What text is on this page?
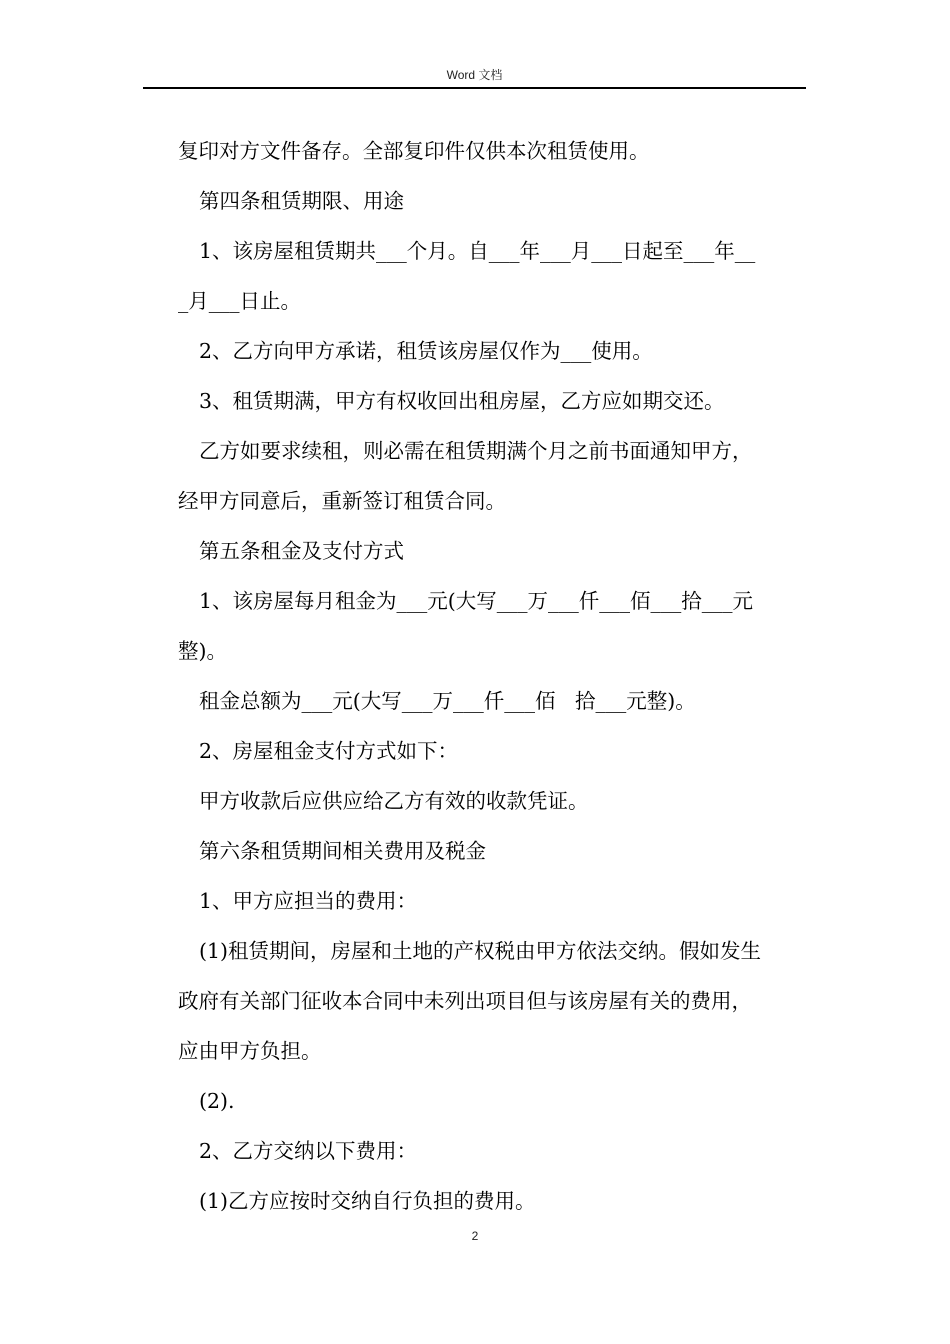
Word 文档
复印对方文件备存。全部复印件仅供本次租赁使用。
第四条租赁期限、用途
1、该房屋租赁期共___个月。自___年___月___日起至___年__
_月___日止。
2、乙方向甲方承诺，租赁该房屋仅作为___使用。
3、租赁期满，甲方有权收回出租房屋，乙方应如期交还。
乙方如要求续租，则必需在租赁期满个月之前书面通知甲方，
经甲方同意后，重新签订租赁合同。
第五条租金及支付方式
1、该房屋每月租金为___元(大写___万___仟___佰___拾___元
整)。
租金总额为___元(大写___万___仟___佰   拾___元整)。
2、房屋租金支付方式如下：
甲方收款后应供应给乙方有效的收款凭证。
第六条租赁期间相关费用及税金
1、甲方应担当的费用：
(1)租赁期间，房屋和土地的产权税由甲方依法交纳。假如发生
政府有关部门征收本合同中未列出项目但与该房屋有关的费用，
应由甲方负担。
(2).
2、乙方交纳以下费用：
(1)乙方应按时交纳自行负担的费用。
2
